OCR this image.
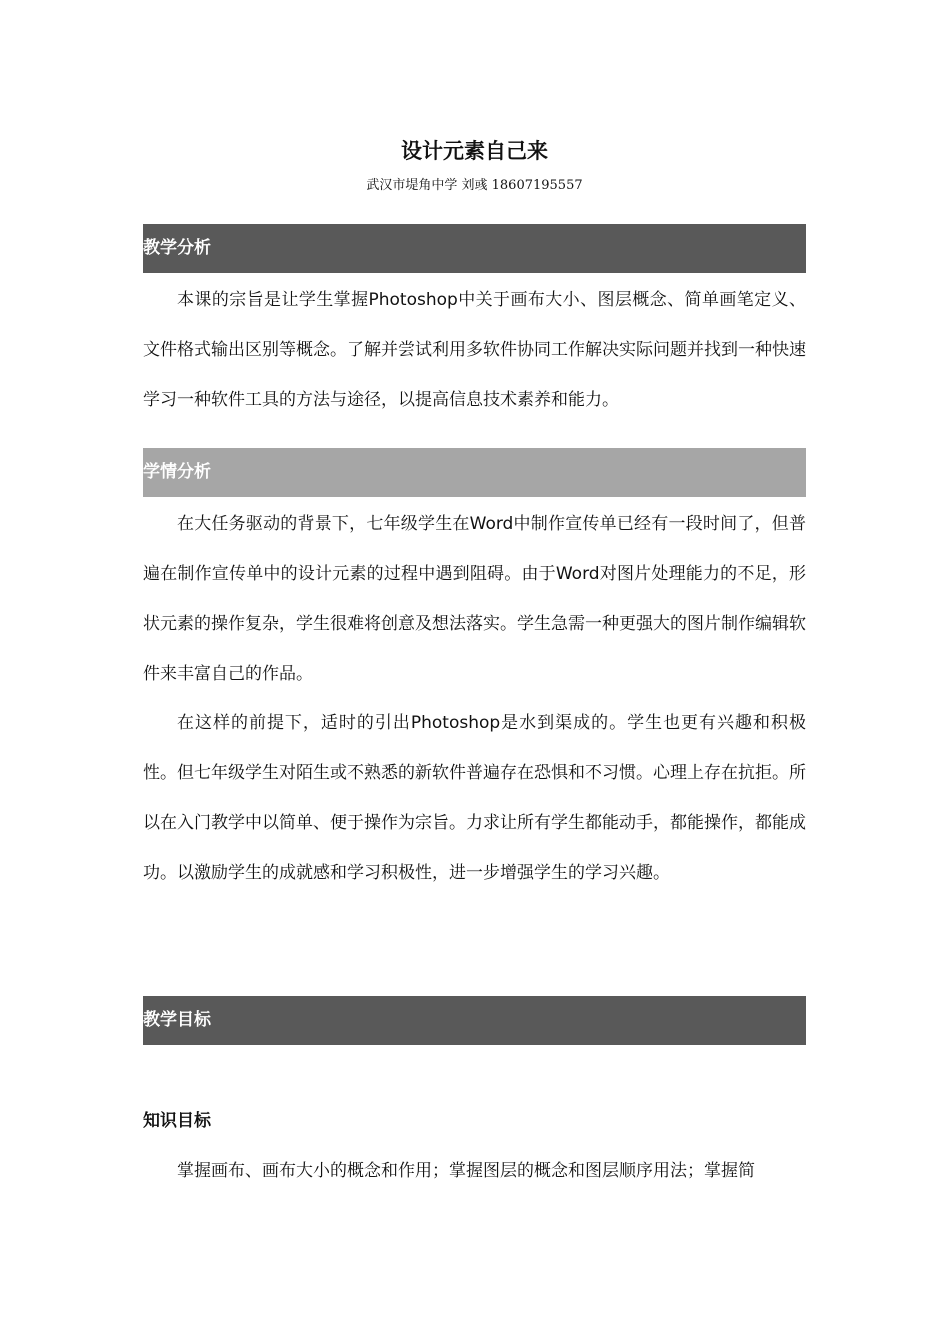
设计元素自己来
武汉市堤角中学 刘彧 18607195557
教学分析

本课的宗旨是让学生掌握Photoshop中关于画布大小、图层概念、简单画笔定义、文件格式输出区别等概念。了解并尝试利用多软件协同工作解决实际问题并找到一种快速学习一种软件工具的方法与途径，以提高信息技术素养和能力。

学情分析

在大任务驱动的背景下，七年级学生在Word中制作宣传单已经有一段时间了，但普遍在制作宣传单中的设计元素的过程中遇到阻碍。由于Word对图片处理能力的不足，形状元素的操作复杂，学生很难将创意及想法落实。学生急需一种更强大的图片制作编辑软件来丰富自己的作品。

在这样的前提下，适时的引出Photoshop是水到渠成的。学生也更有兴趣和积极性。但七年级学生对陌生或不熟悉的新软件普遍存在恐惧和不习惯。心理上存在抗拒。所以在入门教学中以简单、便于操作为宗旨。力求让所有学生都能动手，都能操作，都能成功。以激励学生的成就感和学习积极性，进一步增强学生的学习兴趣。

教学目标
知识目标

掌握画布、画布大小的概念和作用；掌握图层的概念和图层顺序用法；掌握简
